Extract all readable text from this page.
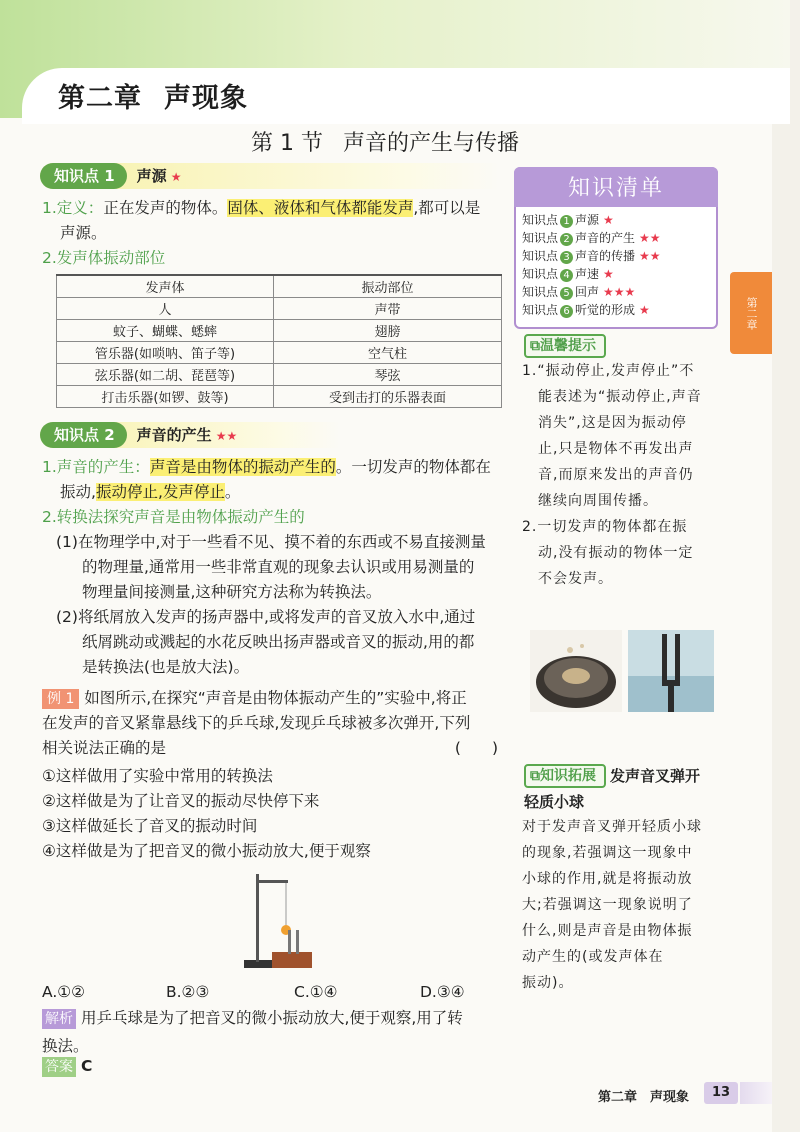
第二章 声现象
第 1 节 声音的产生与传播
知识点 1 声源 ★
1.定义：正在发声的物体。固体、液体和气体都能发声,都可以是
声源。
2.发声体振动部位
发声体	振动部位
人	声带
蚊子、蝴蝶、蟋蟀	翅膀
管乐器(如唢呐、笛子等)	空气柱
弦乐器(如二胡、琵琶等)	琴弦
打击乐器(如锣、鼓等)	受到击打的乐器表面
知识点 2 声音的产生 ★★
1.声音的产生：声音是由物体的振动产生的。一切发声的物体都在
振动,振动停止,发声停止。
2.转换法探究声音是由物体振动产生的
(1)在物理学中,对于一些看不见、摸不着的东西或不易直接测量
的物理量,通常用一些非常直观的现象去认识或用易测量的
物理量间接测量,这种研究方法称为转换法。
(2)将纸屑放入发声的扬声器中,或将发声的音叉放入水中,通过
纸屑跳动或溅起的水花反映出扬声器或音叉的振动,用的都
是转换法(也是放大法)。
例 1 如图所示,在探究“声音是由物体振动产生的”实验中,将正
在发声的音叉紧靠悬线下的乒乓球,发现乒乓球被多次弹开,下列
相关说法正确的是	(　　)
①这样做用了实验中常用的转换法
②这样做是为了让音叉的振动尽快停下来
③这样做延长了音叉的振动时间
④这样做是为了把音叉的微小振动放大,便于观察
A.①②	B.②③	C.①④	D.③④
解析 用乒乓球是为了把音叉的微小振动放大,便于观察,用了转
换法。
答案 C
知识清单
知识点 1 声源 ★
知识点 2 声音的产生 ★★
知识点 3 声音的传播 ★★
知识点 4 声速 ★
知识点 5 回声 ★★★
知识点 6 听觉的形成 ★
⧉温馨提示
1.“振动停止,发声停止”不
能表述为“振动停止,声音
消失”,这是因为振动停
止,只是物体不再发出声
音,而原来发出的声音仍
继续向周围传播。
2.一切发声的物体都在振
动,没有振动的物体一定
不会发声。
⧉知识拓展 发声音叉弹开
轻质小球
对于发声音叉弹开轻质小球
的现象,若强调这一现象中
小球的作用,就是将振动放
大;若强调这一现象说明了
什么,则是声音是由物体振
动产生的(或发声体在
振动)。
第二章
第二章　声现象	13
